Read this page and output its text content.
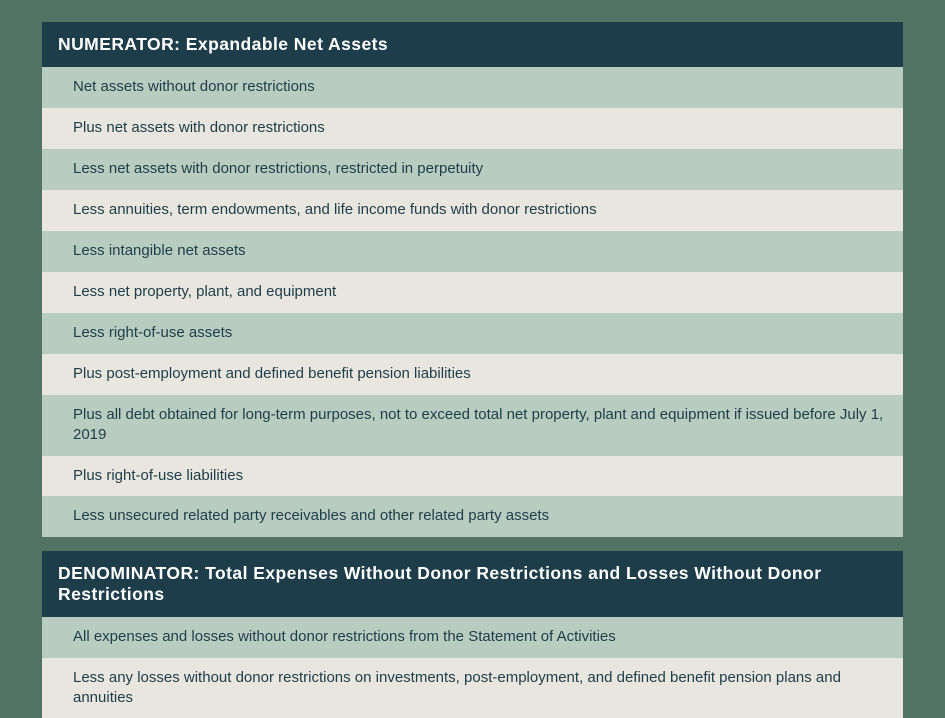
NUMERATOR: Expandable Net Assets
Net assets without donor restrictions
Plus net assets with donor restrictions
Less net assets with donor restrictions, restricted in perpetuity
Less annuities, term endowments, and life income funds with donor restrictions
Less intangible net assets
Less net property, plant, and equipment
Less right-of-use assets
Plus post-employment and defined benefit pension liabilities
Plus all debt obtained for long-term purposes, not to exceed total net property, plant and equipment if issued before July 1, 2019
Plus right-of-use liabilities
Less unsecured related party receivables and other related party assets
DENOMINATOR: Total Expenses Without Donor Restrictions and Losses Without Donor Restrictions
All expenses and losses without donor restrictions from the Statement of Activities
Less any losses without donor restrictions on investments, post-employment, and defined benefit pension plans and annuities
